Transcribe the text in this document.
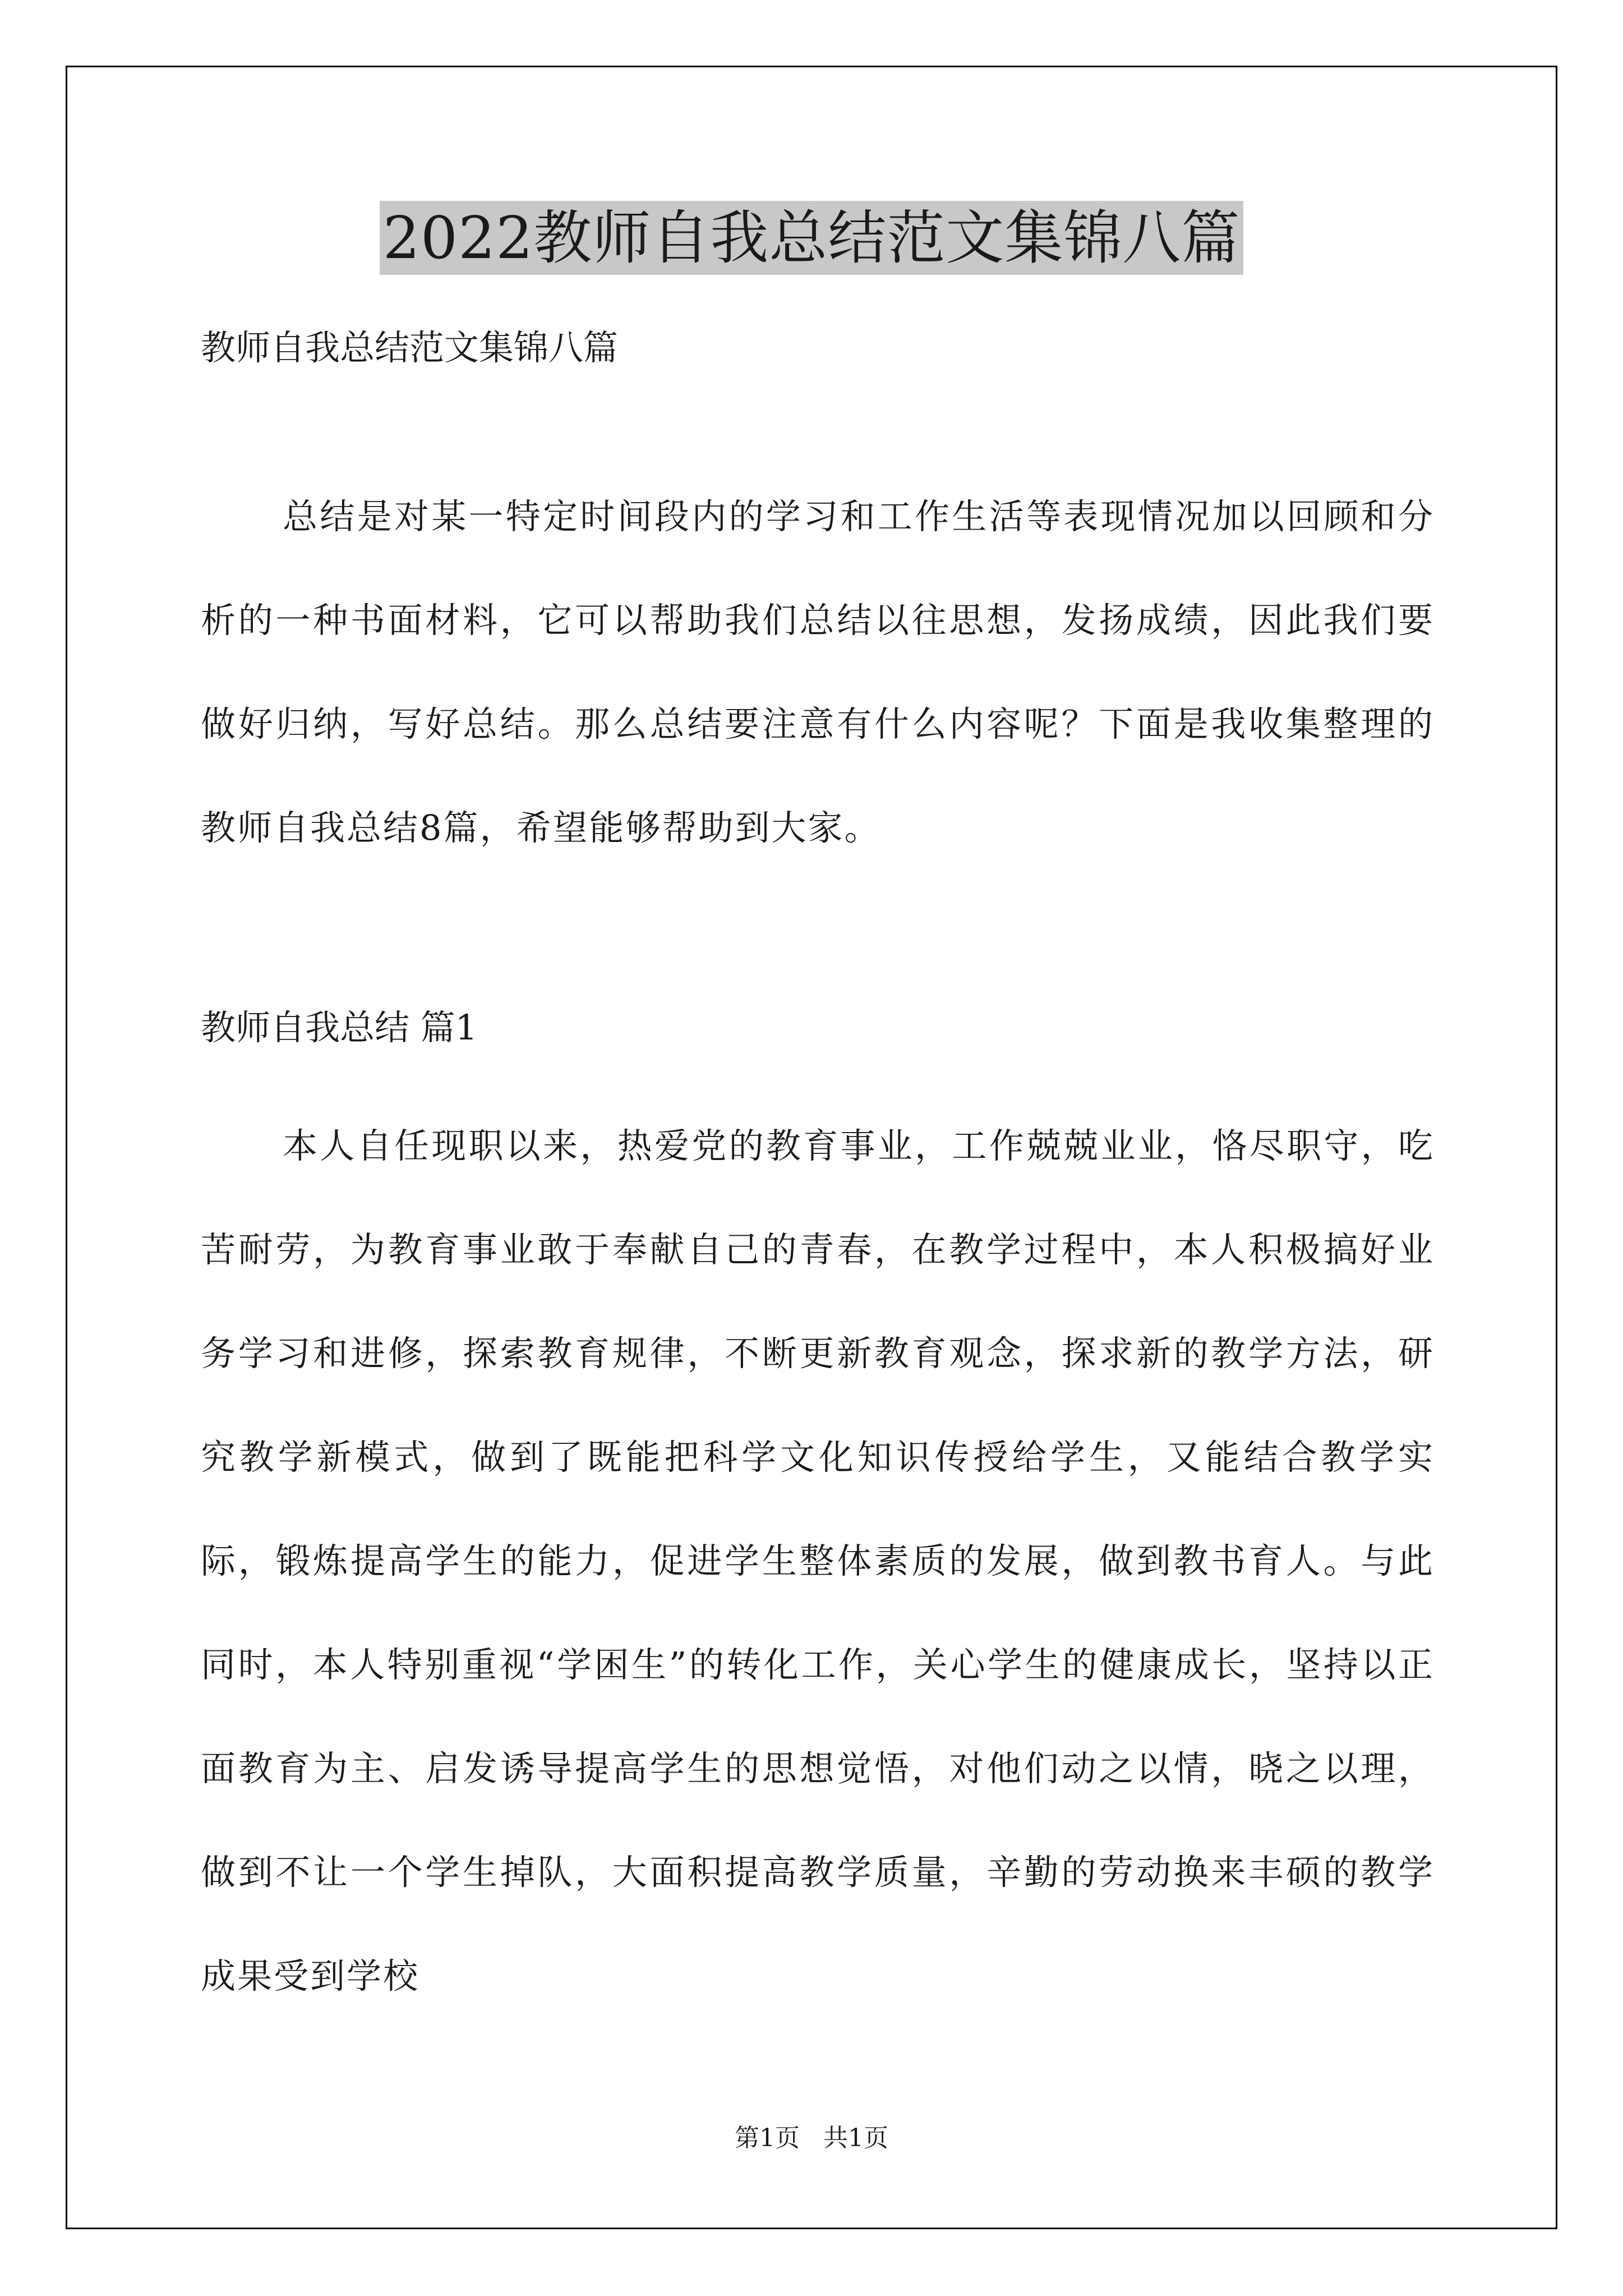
2022教师自我总结范文集锦八篇

教师自我总结范文集锦八篇

总结是对某一特定时间段内的学习和工作生活等表现情况加以回顾和分析的一种书面材料，它可以帮助我们总结以往思想，发扬成绩，因此我们要做好归纳，写好总结。那么总结要注意有什么内容呢？下面是我收集整理的教师自我总结8篇，希望能够帮助到大家。

教师自我总结 篇1

本人自任现职以来，热爱党的教育事业，工作兢兢业业，恪尽职守，吃苦耐劳，为教育事业敢于奉献自己的青春，在教学过程中，本人积极搞好业务学习和进修，探索教育规律，不断更新教育观念，探求新的教学方法，研究教学新模式，做到了既能把科学文化知识传授给学生，又能结合教学实际，锻炼提高学生的能力，促进学生整体素质的发展，做到教书育人。与此同时，本人特别重视“学困生”的转化工作，关心学生的健康成长，坚持以正面教育为主、启发诱导提高学生的思想觉悟，对他们动之以情，晓之以理，做到不让一个学生掉队，大面积提高教学质量，辛勤的劳动换来丰硕的教学成果受到学校

第1页 共1页
